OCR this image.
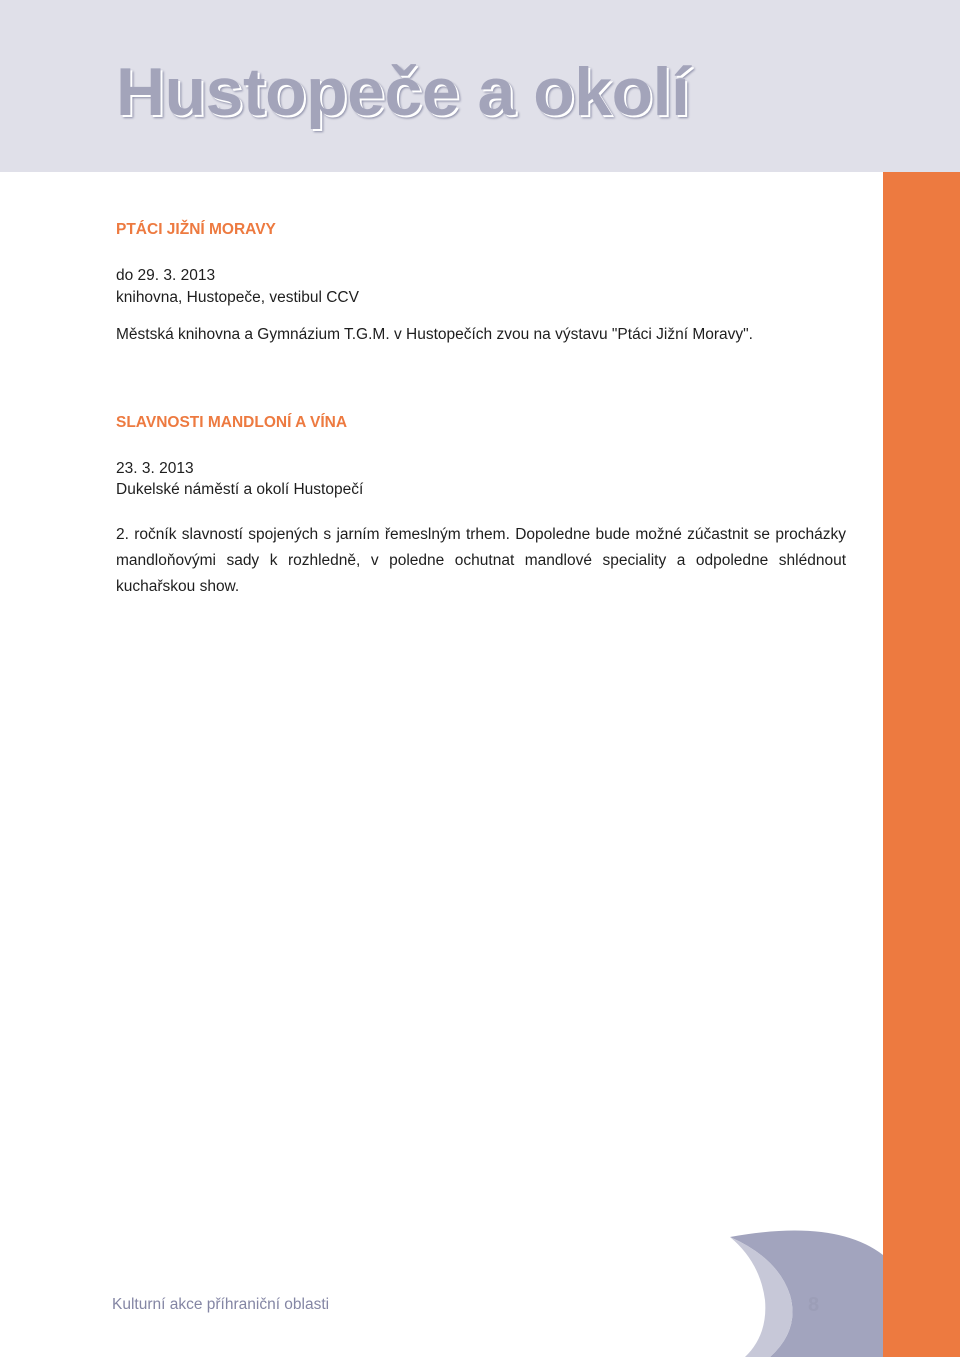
Hustopeče a okolí
PTÁCI JIŽNÍ MORAVY
do 29. 3. 2013
knihovna, Hustopeče, vestibul CCV
Městská knihovna a Gymnázium T.G.M. v Hustopečích zvou na výstavu "Ptáci Jižní Moravy".
SLAVNOSTI MANDLONÍ A VÍNA
23. 3. 2013
Dukelské náměstí a okolí Hustopečí
2. ročník slavností spojených s jarním řemeslným trhem. Dopoledne bude možné zúčastnit se procházky mandloňovými sady k rozhledně, v poledne ochutnat mandlové speciality a odpoledne shlédnout kuchařskou show.
Kulturní akce příhraniční oblasti	8
